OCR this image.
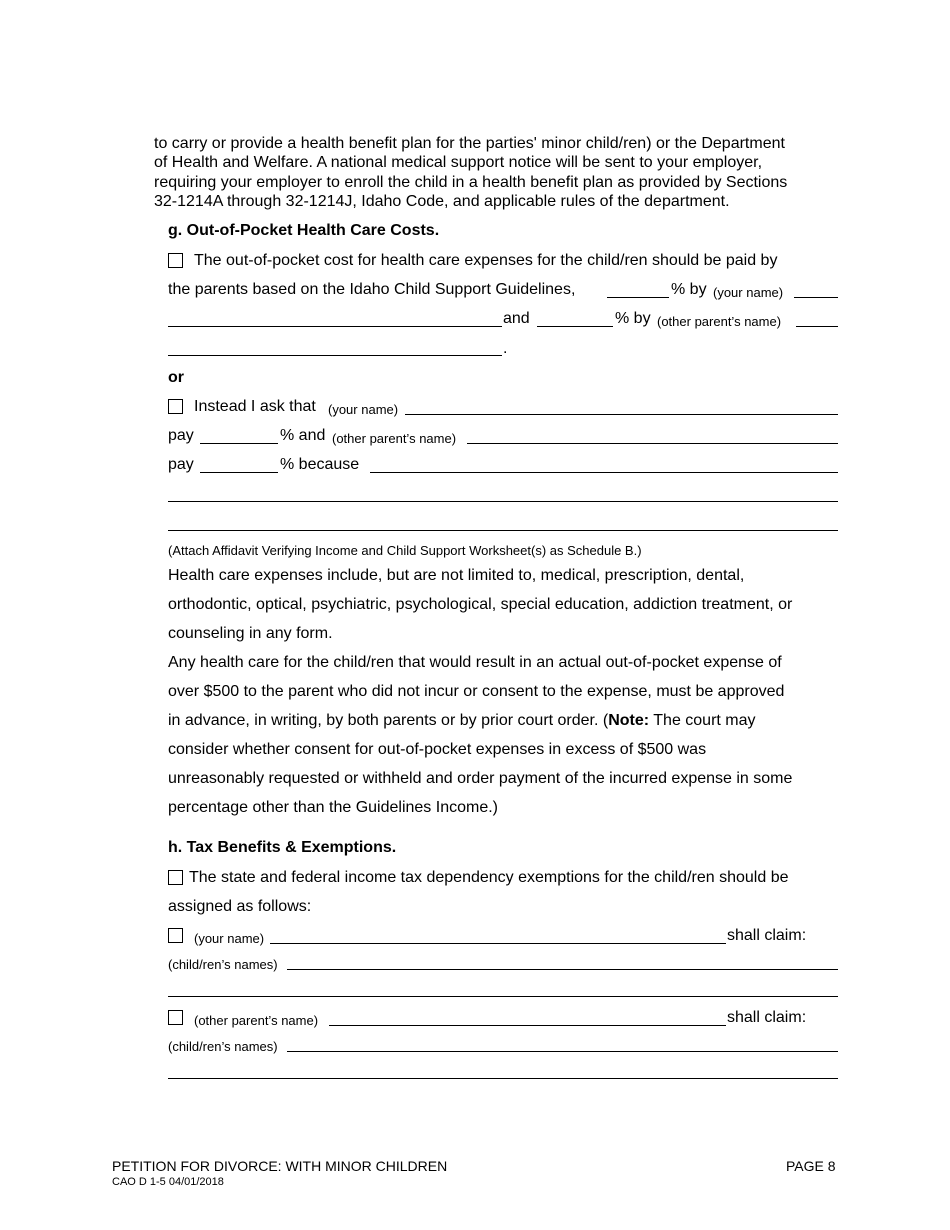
to carry or provide a health benefit plan for the parties' minor child/ren) or the Department
of Health and Welfare. A national medical support notice will be sent to your employer,
requiring your employer to enroll the child in a health benefit plan as provided by Sections
32-1214A through 32-1214J, Idaho Code, and applicable rules of the department.
g. Out-of-Pocket Health Care Costs.
The out-of-pocket cost for health care expenses for the child/ren should be paid by
the parents based on the Idaho Child Support Guidelines,	% by (your name)
and	% by (other parent’s name)
.
or
Instead I ask that (your name)
pay	% and (other parent’s name)
pay	% because
(Attach Affidavit Verifying Income and Child Support Worksheet(s) as Schedule B.)
Health care expenses include, but are not limited to, medical, prescription, dental,
orthodontic, optical, psychiatric, psychological, special education, addiction treatment, or
counseling in any form.
Any health care for the child/ren that would result in an actual out-of-pocket expense of
over $500 to the parent who did not incur or consent to the expense, must be approved
in advance, in writing, by both parents or by prior court order. (Note: The court may
consider whether consent for out-of-pocket expenses in excess of $500 was
unreasonably requested or withheld and order payment of the incurred expense in some
percentage other than the Guidelines Income.)
h. Tax Benefits & Exemptions.
The state and federal income tax dependency exemptions for the child/ren should be
assigned as follows:
(your name)	shall claim:
(child/ren’s names)
(other parent’s name)	shall claim:
(child/ren’s names)
PETITION FOR DIVORCE: WITH MINOR CHILDREN
CAO D 1-5 04/01/2018
PAGE 8
